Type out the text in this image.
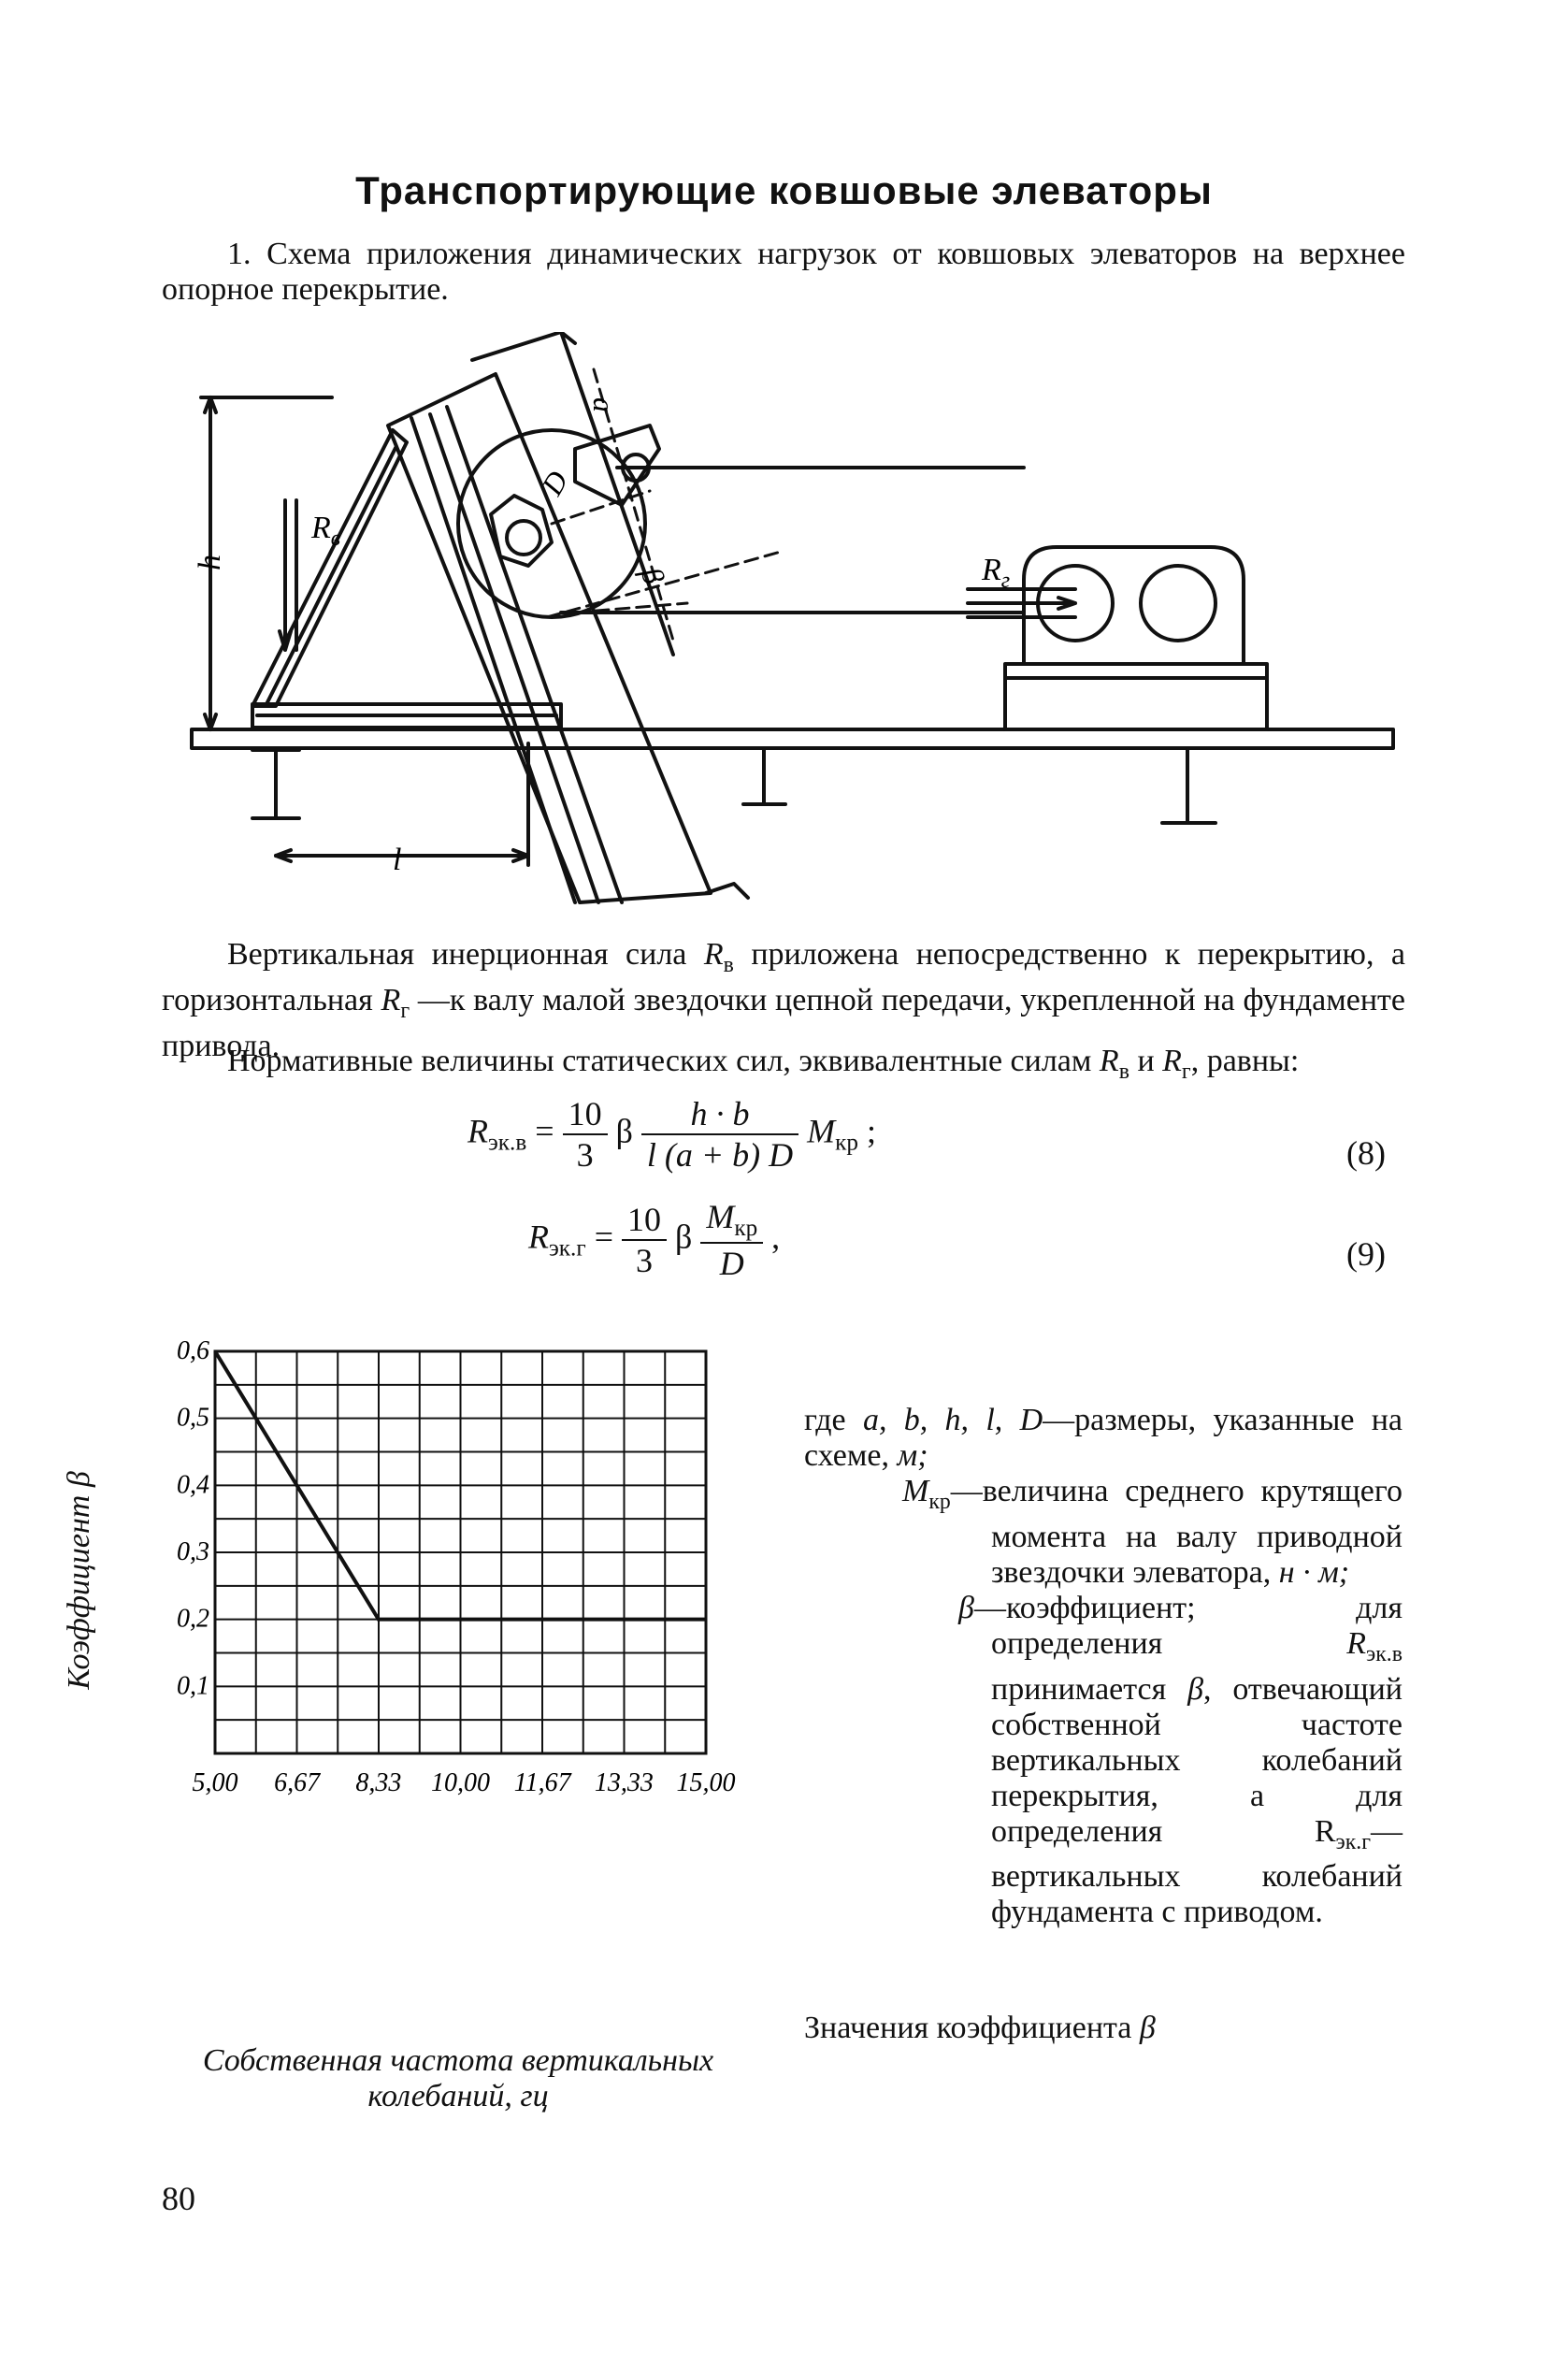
Транспортирующие ковшовые элеваторы
1. Схема приложения динамических нагрузок от ковшовых элеваторов на верхнее опорное перекрытие.
$R_в$
$R_г$
h
l
D
a
β
Вертикальная инерционная сила $R_в$ приложена непосредственно к перекрытию, а горизонтальная $R_г$ —к валу малой звездочки цепной передачи, укрепленной на фундаменте привода.
Нормативные величины статических сил, эквивалентные силам $R_в$ и $R_г$, равны:
$R_{эк.в} = \frac{10}{3}$ β $\frac{h \cdot b}{l (a + b) D} M_{кр}$ ;
(8)
$R_{эк.г} = \frac{10}{3}$ β $\frac{M_{кр}}{D}$ ,	(9)
0,6
0,5
0,4
0,3
0,2
0,1
5,00 6,67 8,33 10,00 11,67 13,33 15,00
Коэффициент β
Собственная частота вертикальных колебаний, гц
где a, b, h, l, D—размеры, указанные на схеме, м;
$M_{кр}—величина$ среднего крутящего момента на валу приводной звездочки элеватора, н · м;
β—коэффициент; для определения $R_{эк.в}$ принимается β, отвечающий собственной частоте вертикальных колебаний перекрытия, а для определения $R_{эк.г}—вертикальных$ колебаний фундамента с приводом.
Значения коэффициента β
80
